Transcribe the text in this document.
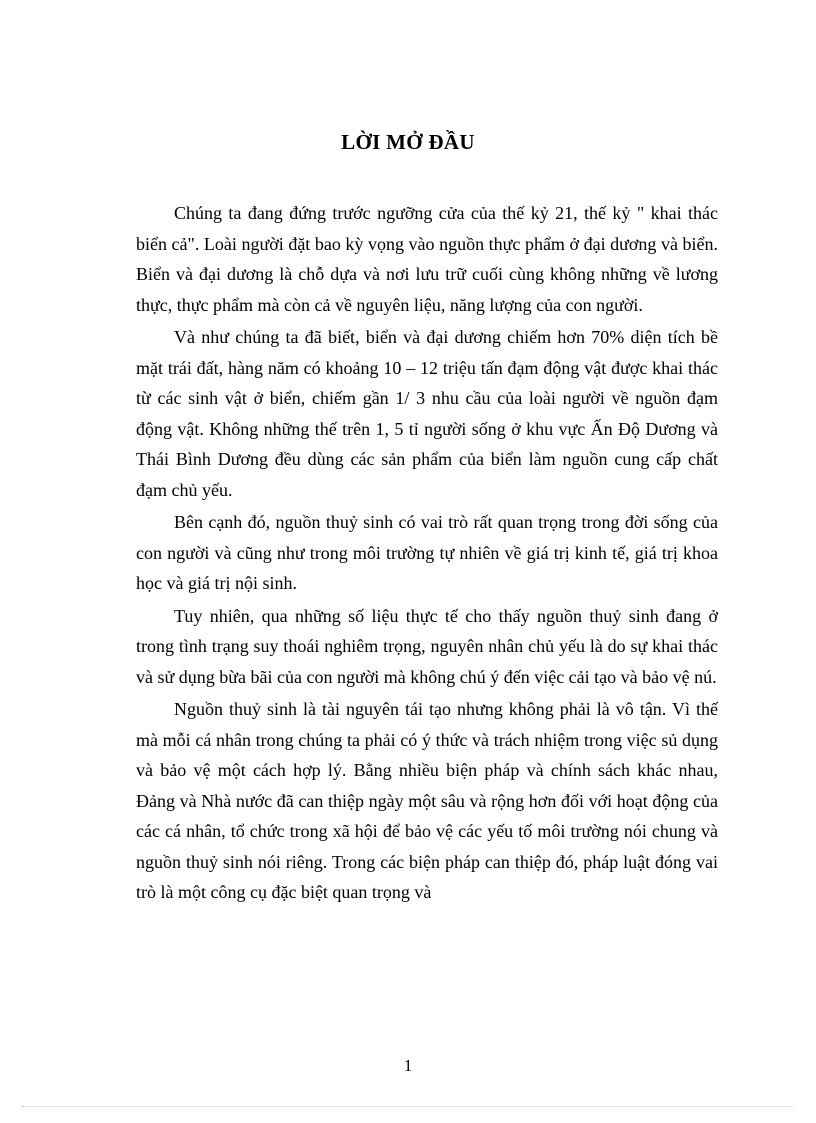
LỜI MỞ ĐẦU

Chúng ta đang đứng trước ngưỡng cửa của thế kỷ 21, thế kỷ " khai thác biển cả". Loài người đặt bao kỳ vọng vào nguồn thực phẩm ở đại dương và biển. Biển và đại dương là chỗ dựa và nơi lưu trữ cuối cùng không những về lương thực, thực phẩm mà còn cả về nguyên liệu, năng lượng của con người.

Và như chúng ta đã biết, biển và đại dương chiếm hơn 70% diện tích bề mặt trái đất, hàng năm có khoảng 10 – 12 triệu tấn đạm động vật được khai thác từ các sinh vật ở biển, chiếm gần 1/ 3 nhu cầu của loài người về nguồn đạm động vật. Không những thế trên 1, 5 tỉ người sống ở khu vực Ấn Độ Dương và Thái Bình Dương đều dùng các sản phẩm của biển làm nguồn cung cấp chất đạm chủ yếu.

Bên cạnh đó, nguồn thuỷ sinh có vai trò rất quan trọng trong đời sống của con người và cũng như trong môi trường tự nhiên về giá trị kinh tế, giá trị khoa học và giá trị nội sinh.

Tuy nhiên, qua những số liệu thực tế cho thấy nguồn thuỷ sinh đang ở trong tình trạng suy thoái nghiêm trọng, nguyên nhân chủ yếu là do sự khai thác và sử dụng bừa bãi của con người mà không chú ý đến việc cải tạo và bảo vệ nú.

Nguồn thuỷ sinh là tài nguyên tái tạo nhưng không phải là vô tận. Vì thế mà mỗi cá nhân trong chúng ta phải có ý thức và trách nhiệm trong việc sủ dụng và bảo vệ một cách hợp lý. Bằng nhiều biện pháp và chính sách khác nhau, Đảng và Nhà nước đã can thiệp ngày một sâu và rộng hơn đối với hoạt động của các cá nhân, tổ chức trong xã hội để bảo vệ các yếu tố môi trường nói chung và nguồn thuỷ sinh nói riêng. Trong các biện pháp can thiệp đó, pháp luật đóng vai trò là một công cụ đặc biệt quan trọng và

1
